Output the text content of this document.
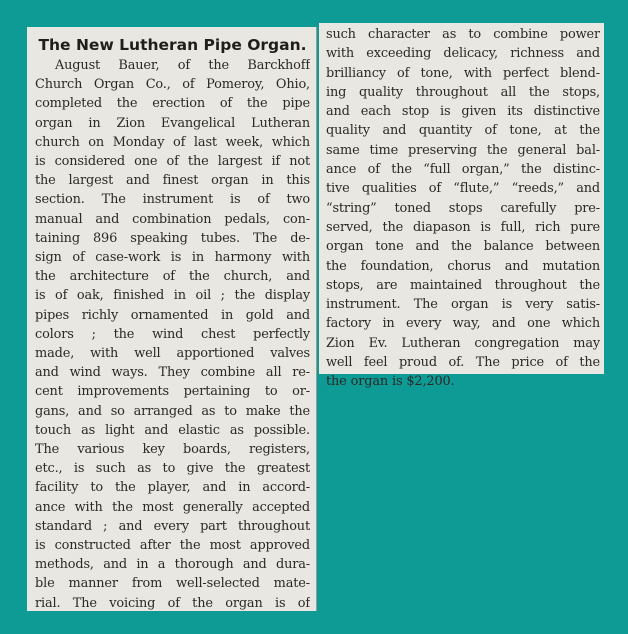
The New Lutheran Pipe Organ.
August Bauer, of the Barckhoff
Church Organ Co., of Pomeroy, Ohio,
completed the erection of the pipe
organ in Zion Evangelical Lutheran
church on Monday of last week, which
is considered one of the largest if not
the largest and finest organ in this
section. The instrument is of two
manual and combination pedals, con-
taining 896 speaking tubes. The de-
sign of case-work is in harmony with
the architecture of the church, and
is of oak, finished in oil ; the display
pipes richly ornamented in gold and
colors ; the wind chest perfectly
made, with well apportioned valves
and wind ways. They combine all re-
cent improvements pertaining to or-
gans, and so arranged as to make the
touch as light and elastic as possible.
The various key boards, registers,
etc., is such as to give the greatest
facility to the player, and in accord-
ance with the most generally accepted
standard ; and every part throughout
is constructed after the most approved
methods, and in a thorough and dura-
ble manner from well-selected mate-
rial. The voicing of the organ is of
such character as to combine power
with exceeding delicacy, richness and
brilliancy of tone, with perfect blend-
ing quality throughout all the stops,
and each stop is given its distinctive
quality and quantity of tone, at the
same time preserving the general bal-
ance of the “full organ,” the distinc-
tive qualities of “flute,” “reeds,” and
“string” toned stops carefully pre-
served, the diapason is full, rich pure
organ tone and the balance between
the foundation, chorus and mutation
stops, are maintained throughout the
instrument. The organ is very satis-
factory in every way, and one which
Zion Ev. Lutheran congregation may
well feel proud of. The price of the
the organ is $2,200.
